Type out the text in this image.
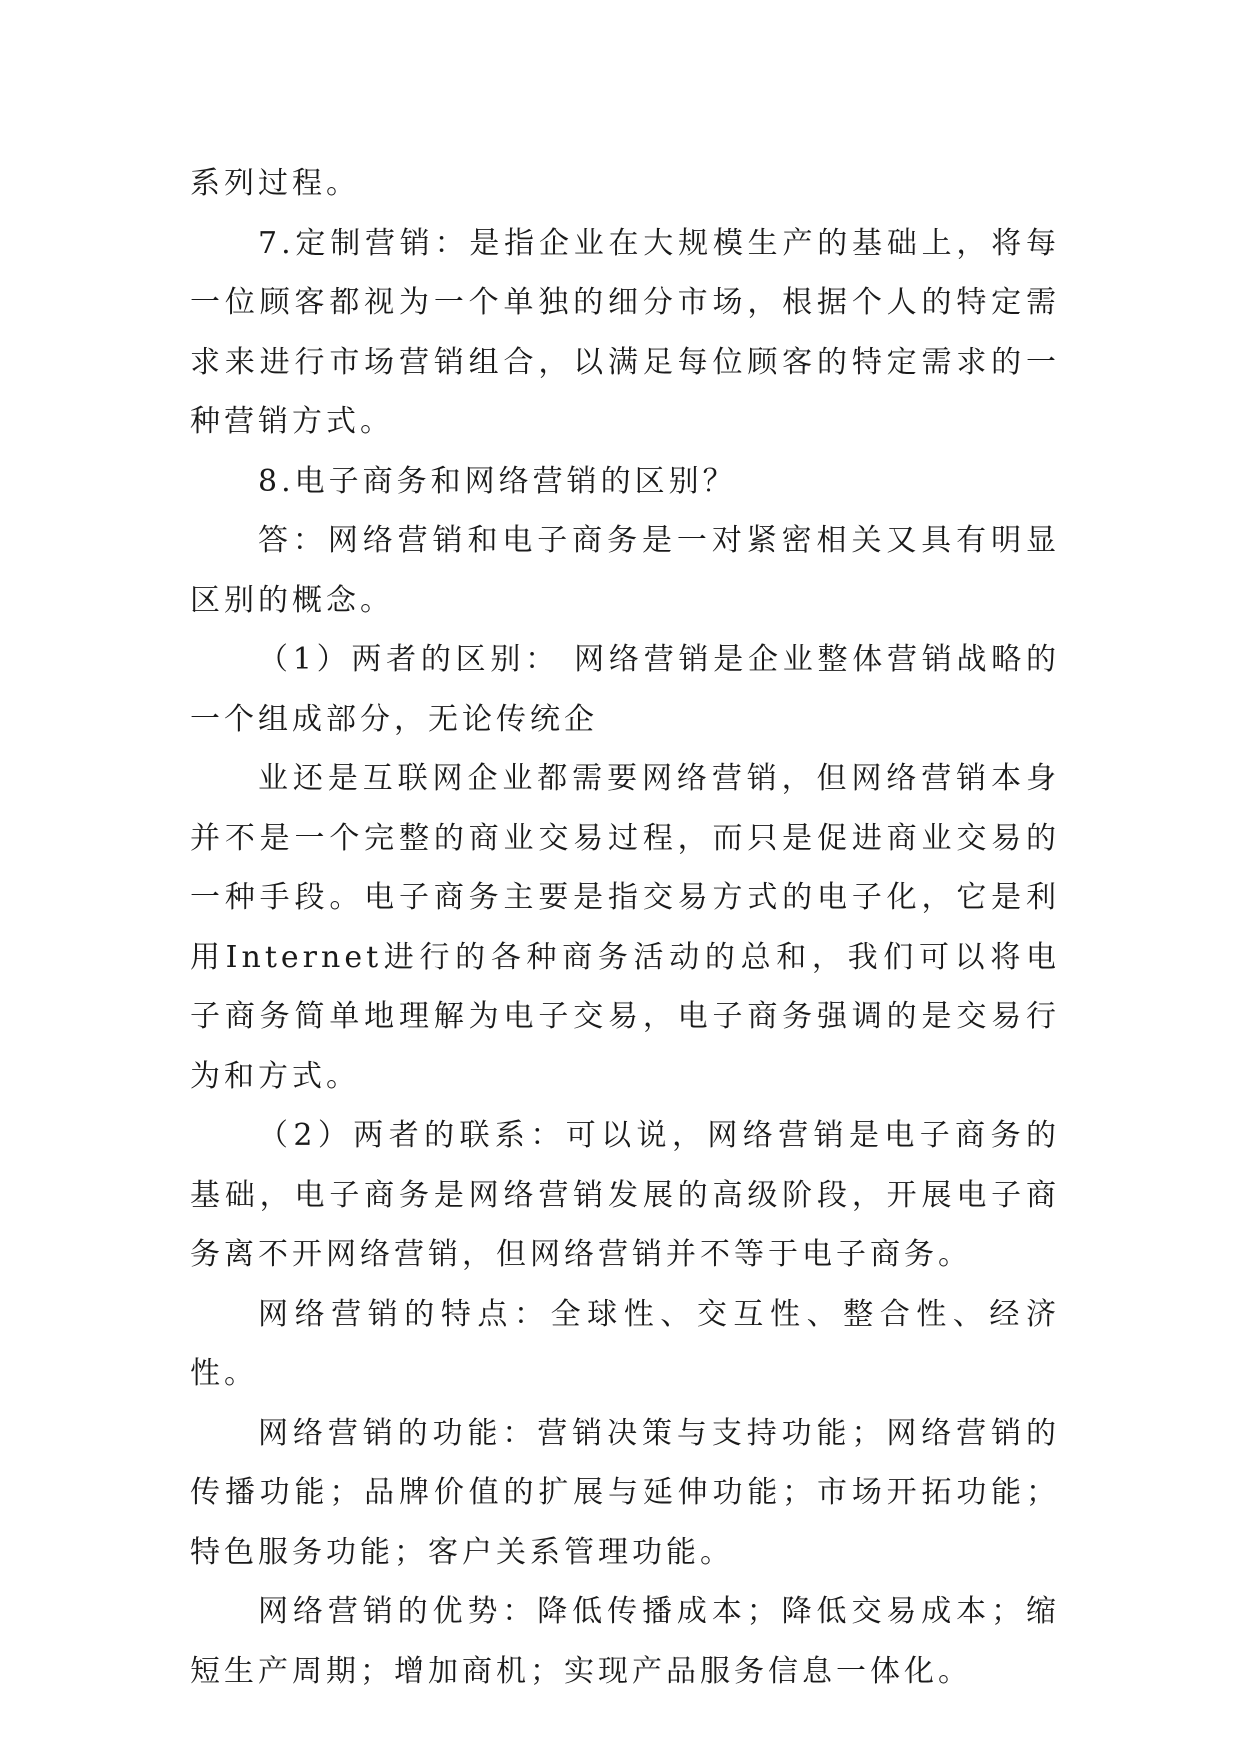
系列过程。

7.定制营销：是指企业在大规模生产的基础上，将每一位顾客都视为一个单独的细分市场，根据个人的特定需求来进行市场营销组合，以满足每位顾客的特定需求的一种营销方式。

8.电子商务和网络营销的区别？

答：网络营销和电子商务是一对紧密相关又具有明显区别的概念。

（1）两者的区别： 网络营销是企业整体营销战略的一个组成部分，无论传统企

业还是互联网企业都需要网络营销，但网络营销本身并不是一个完整的商业交易过程，而只是促进商业交易的一种手段。电子商务主要是指交易方式的电子化，它是利用Internet进行的各种商务活动的总和，我们可以将电子商务简单地理解为电子交易，电子商务强调的是交易行为和方式。

（2）两者的联系：可以说，网络营销是电子商务的基础，电子商务是网络营销发展的高级阶段，开展电子商务离不开网络营销，但网络营销并不等于电子商务。

网络营销的特点：全球性、交互性、整合性、经济性。

网络营销的功能：营销决策与支持功能；网络营销的传播功能；品牌价值的扩展与延伸功能；市场开拓功能；特色服务功能；客户关系管理功能。

网络营销的优势：降低传播成本；降低交易成本；缩短生产周期；增加商机；实现产品服务信息一体化。
